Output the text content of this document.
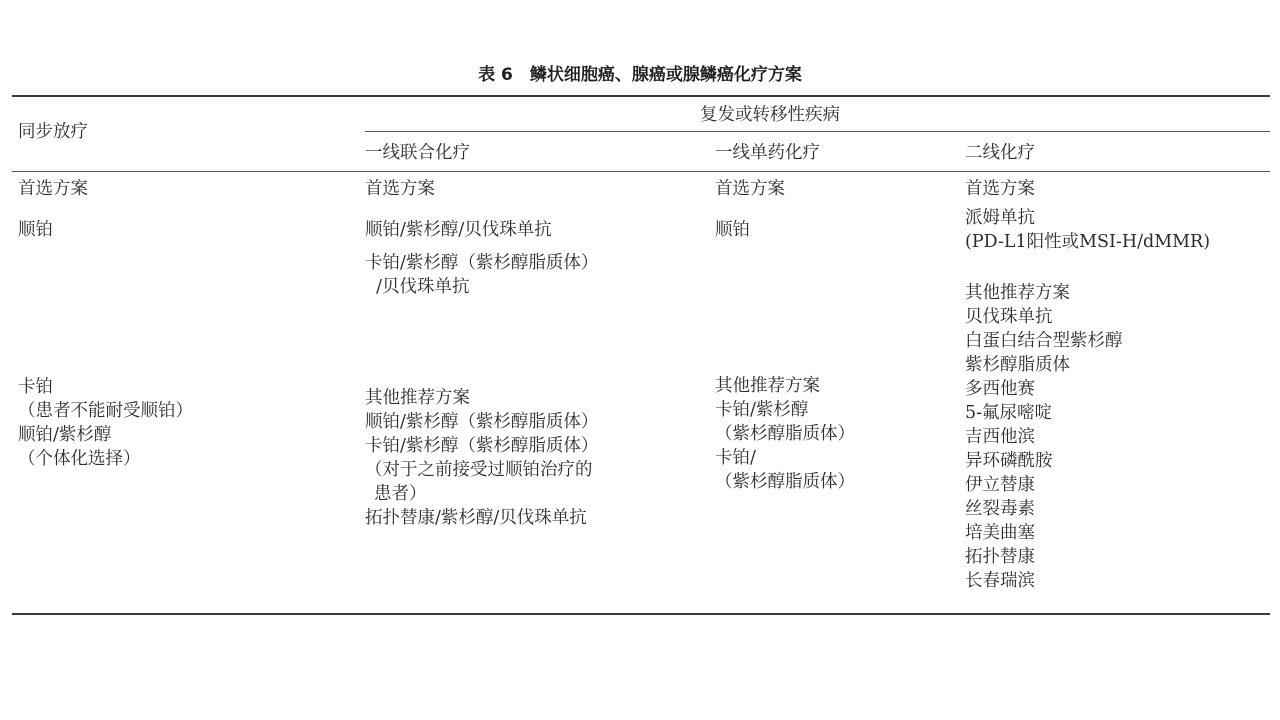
表 6　鳞状细胞癌、腺癌或腺鳞癌化疗方案
同步放疗
复发或转移性疾病
一线联合化疗	一线单药化疗	二线化疗
首选方案
顺铂
卡铂
（患者不能耐受顺铂）
顺铂/紫杉醇
（个体化选择）
首选方案
顺铂/紫杉醇/贝伐珠单抗
卡铂/紫杉醇（紫杉醇脂质体）
/贝伐珠单抗
其他推荐方案
顺铂/紫杉醇（紫杉醇脂质体）
卡铂/紫杉醇（紫杉醇脂质体）
（对于之前接受过顺铂治疗的
患者）
拓扑替康/紫杉醇/贝伐珠单抗
首选方案
顺铂
其他推荐方案
卡铂/紫杉醇
（紫杉醇脂质体）
卡铂/
（紫杉醇脂质体）
首选方案
派姆单抗
(PD-L1阳性或MSI-H/dMMR)
其他推荐方案
贝伐珠单抗
白蛋白结合型紫杉醇
紫杉醇脂质体
多西他赛
5-氟尿嘧啶
吉西他滨
异环磷酰胺
伊立替康
丝裂毒素
培美曲塞
拓扑替康
长春瑞滨
